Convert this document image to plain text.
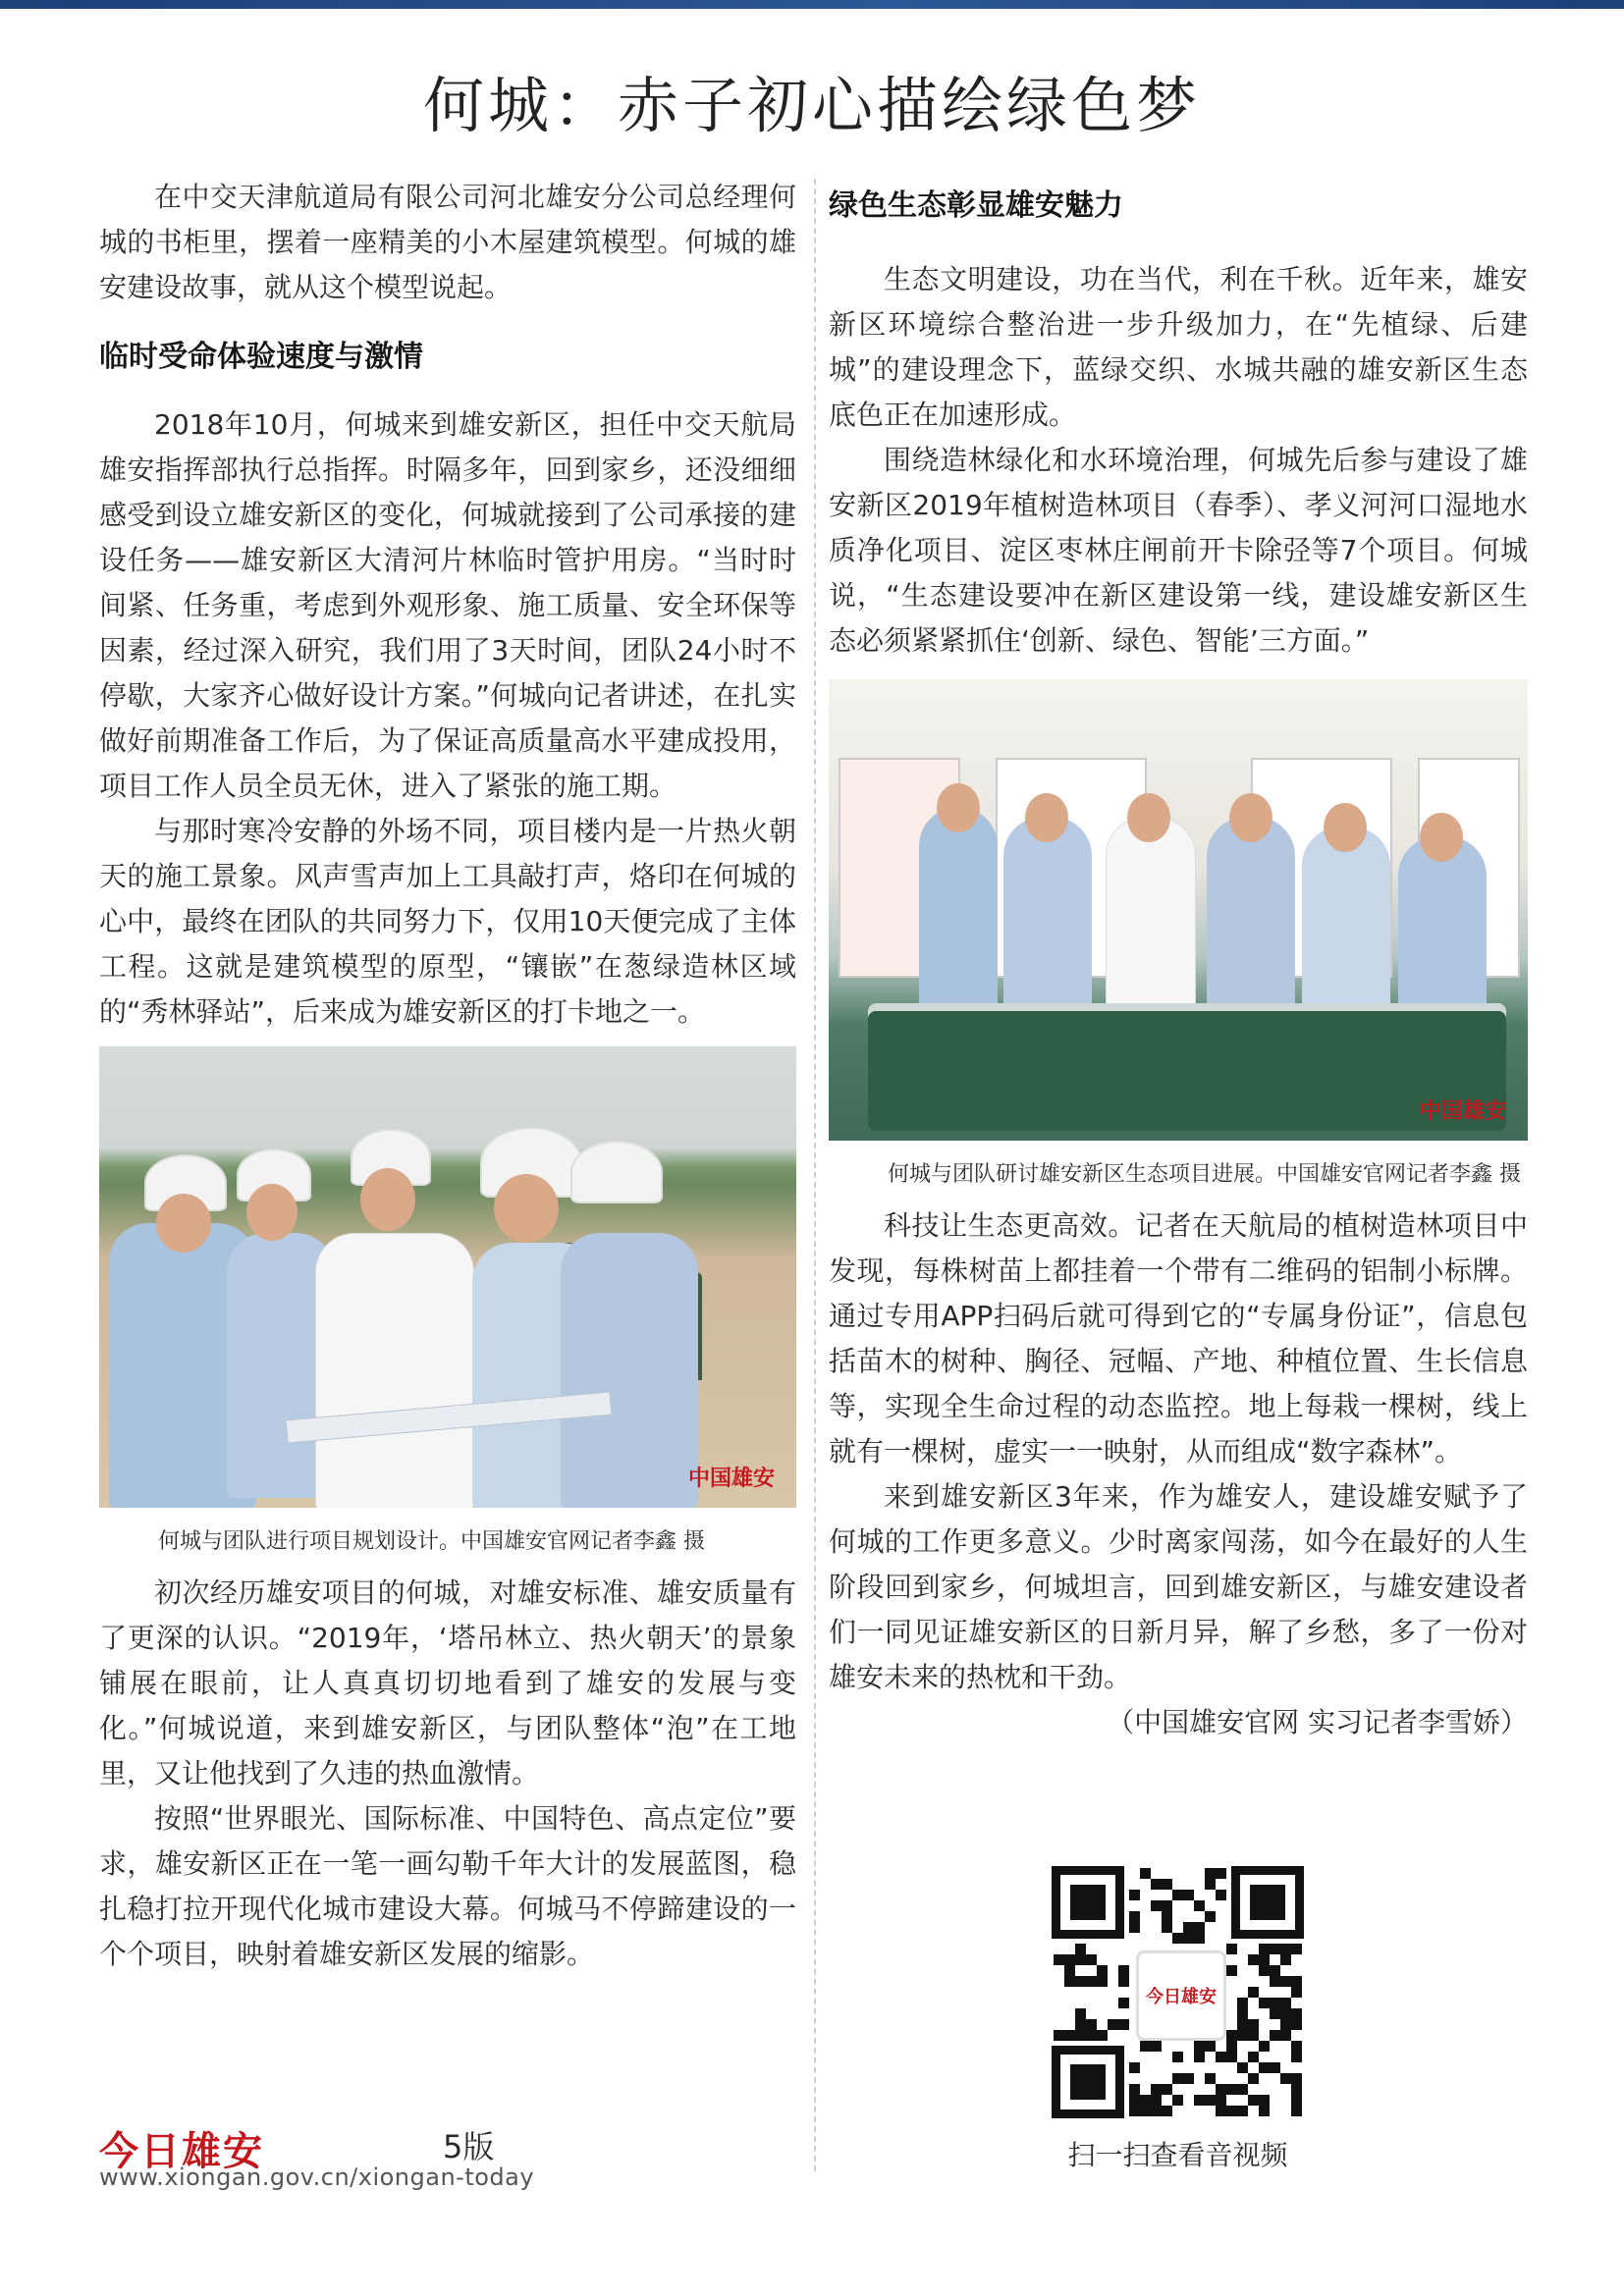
何城：赤子初心描绘绿色梦

在中交天津航道局有限公司河北雄安分公司总经理何城的书柜里，摆着一座精美的小木屋建筑模型。何城的雄安建设故事，就从这个模型说起。

临时受命体验速度与激情

2018年10月，何城来到雄安新区，担任中交天航局雄安指挥部执行总指挥。时隔多年，回到家乡，还没细细感受到设立雄安新区的变化，何城就接到了公司承接的建设任务——雄安新区大清河片林临时管护用房。“当时时间紧、任务重，考虑到外观形象、施工质量、安全环保等因素，经过深入研究，我们用了3天时间，团队24小时不停歇，大家齐心做好设计方案。”何城向记者讲述，在扎实做好前期准备工作后，为了保证高质量高水平建成投用，项目工作人员全员无休，进入了紧张的施工期。

与那时寒冷安静的外场不同，项目楼内是一片热火朝天的施工景象。风声雪声加上工具敲打声，烙印在何城的心中，最终在团队的共同努力下，仅用10天便完成了主体工程。这就是建筑模型的原型，“镶嵌”在葱绿造林区域的“秀林驿站”，后来成为雄安新区的打卡地之一。

中国雄安
何城与团队进行项目规划设计。中国雄安官网记者李鑫 摄

初次经历雄安项目的何城，对雄安标准、雄安质量有了更深的认识。“2019年，‘塔吊林立、热火朝天’的景象铺展在眼前，让人真真切切地看到了雄安的发展与变化。”何城说道，来到雄安新区，与团队整体“泡”在工地里，又让他找到了久违的热血激情。

按照“世界眼光、国际标准、中国特色、高点定位”要求，雄安新区正在一笔一画勾勒千年大计的发展蓝图，稳扎稳打拉开现代化城市建设大幕。何城马不停蹄建设的一个个项目，映射着雄安新区发展的缩影。

绿色生态彰显雄安魅力

生态文明建设，功在当代，利在千秋。近年来，雄安新区环境综合整治进一步升级加力，在“先植绿、后建城”的建设理念下，蓝绿交织、水城共融的雄安新区生态底色正在加速形成。

围绕造林绿化和水环境治理，何城先后参与建设了雄安新区2019年植树造林项目（春季）、孝义河河口湿地水质净化项目、淀区枣林庄闸前开卡除弪等7个项目。何城说，“生态建设要冲在新区建设第一线，建设雄安新区生态必须紧紧抓住‘创新、绿色、智能’三方面。”

中国雄安
何城与团队研讨雄安新区生态项目进展。中国雄安官网记者李鑫 摄

科技让生态更高效。记者在天航局的植树造林项目中发现，每株树苗上都挂着一个带有二维码的铝制小标牌。通过专用APP扫码后就可得到它的“专属身份证”，信息包括苗木的树种、胸径、冠幅、产地、种植位置、生长信息等，实现全生命过程的动态监控。地上每栽一棵树，线上就有一棵树，虚实一一映射，从而组成“数字森林”。

来到雄安新区3年来，作为雄安人，建设雄安赋予了何城的工作更多意义。少时离家闯荡，如今在最好的人生阶段回到家乡，何城坦言，回到雄安新区，与雄安建设者们一同见证雄安新区的日新月异，解了乡愁，多了一份对雄安未来的热枕和干劲。

（中国雄安官网 实习记者李雪娇）

今日雄安
扫一扫查看音视频
今日雄安	5版
www.xiongan.gov.cn/xiongan-today
